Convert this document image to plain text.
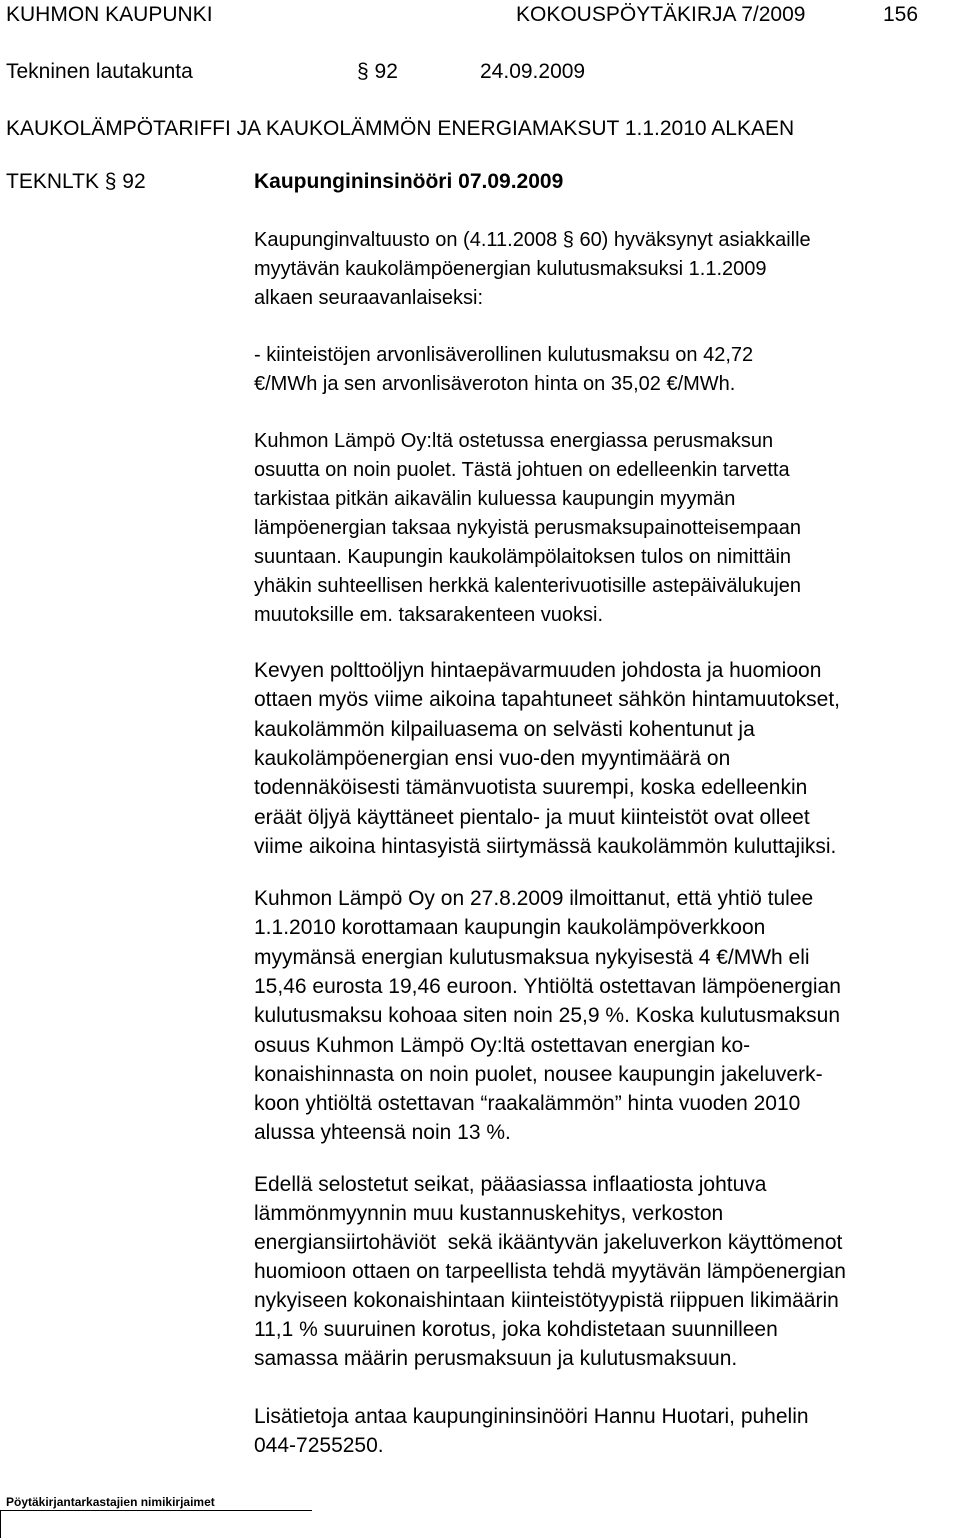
KUHMON KAUPUNKI	KOKOUSPÖYTÄKIRJA 7/2009	156
Tekninen lautakunta	§ 92	24.09.2009
KAUKOLÄMPÖTARIFFI JA KAUKOLÄMMÖN ENERGIAMAKSUT 1.1.2010 ALKAEN
TEKNLTK § 92	Kaupungininsinööri 07.09.2009
Kaupunginvaltuusto on (4.11.2008 § 60) hyväksynyt asiakkaille
myytävän kaukolämpöenergian kulutusmaksuksi 1.1.2009
alkaen seuraavanlaiseksi:
- kiinteistöjen arvonlisäverollinen kulutusmaksu on 42,72
€/MWh ja sen arvonlisäveroton hinta on 35,02 €/MWh.
Kuhmon Lämpö Oy:ltä ostetussa energiassa perusmaksun
osuutta on noin puolet. Tästä johtuen on edelleenkin tarvetta
tarkistaa pitkän aikavälin kuluessa kaupungin myymän
lämpöenergian taksaa nykyistä perusmaksupainotteisempaan
suuntaan. Kaupungin kaukolämpölaitoksen tulos on nimittäin
yhäkin suhteellisen herkkä kalenterivuotisille astepäivälukujen
muutoksille em. taksarakenteen vuoksi.
Kevyen polttoöljyn hintaepävarmuuden johdosta ja huomioon
ottaen myös viime aikoina tapahtuneet sähkön hintamuutokset,
kaukolämmön kilpailuasema on selvästi kohentunut ja
kaukolämpöenergian ensi vuo-den myyntimäärä on
todennäköisesti tämänvuotista suurempi, koska edelleenkin
eräät öljyä käyttäneet pientalo- ja muut kiinteistöt ovat olleet
viime aikoina hintasyistä siirtymässä kaukolämmön kuluttajiksi.
Kuhmon Lämpö Oy on 27.8.2009 ilmoittanut, että yhtiö tulee
1.1.2010 korottamaan kaupungin kaukolämpöverkkoon
myymänsä energian kulutusmaksua nykyisestä 4 €/MWh eli
15,46 eurosta 19,46 euroon. Yhtiöltä ostettavan lämpöenergian
kulutusmaksu kohoaa siten noin 25,9 %. Koska kulutusmaksun
osuus Kuhmon Lämpö Oy:ltä ostettavan energian ko-
konaishinnasta on noin puolet, nousee kaupungin jakeluverk-
koon yhtiöltä ostettavan “raakalämmön” hinta vuoden 2010
alussa yhteensä noin 13 %.
Edellä selostetut seikat, pääasiassa inflaatiosta johtuva
lämmönmyynnin muu kustannuskehitys, verkoston
energiansiirtohäviöt  sekä ikääntyvän jakeluverkon käyttömenot
huomioon ottaen on tarpeellista tehdä myytävän lämpöenergian
nykyiseen kokonaishintaan kiinteistötyypistä riippuen likimäärin
11,1 % suuruinen korotus, joka kohdistetaan suunnilleen
samassa määrin perusmaksuun ja kulutusmaksuun.
Lisätietoja antaa kaupungininsinööri Hannu Huotari, puhelin
044-7255250.
Pöytäkirjantarkastajien nimikirjaimet
